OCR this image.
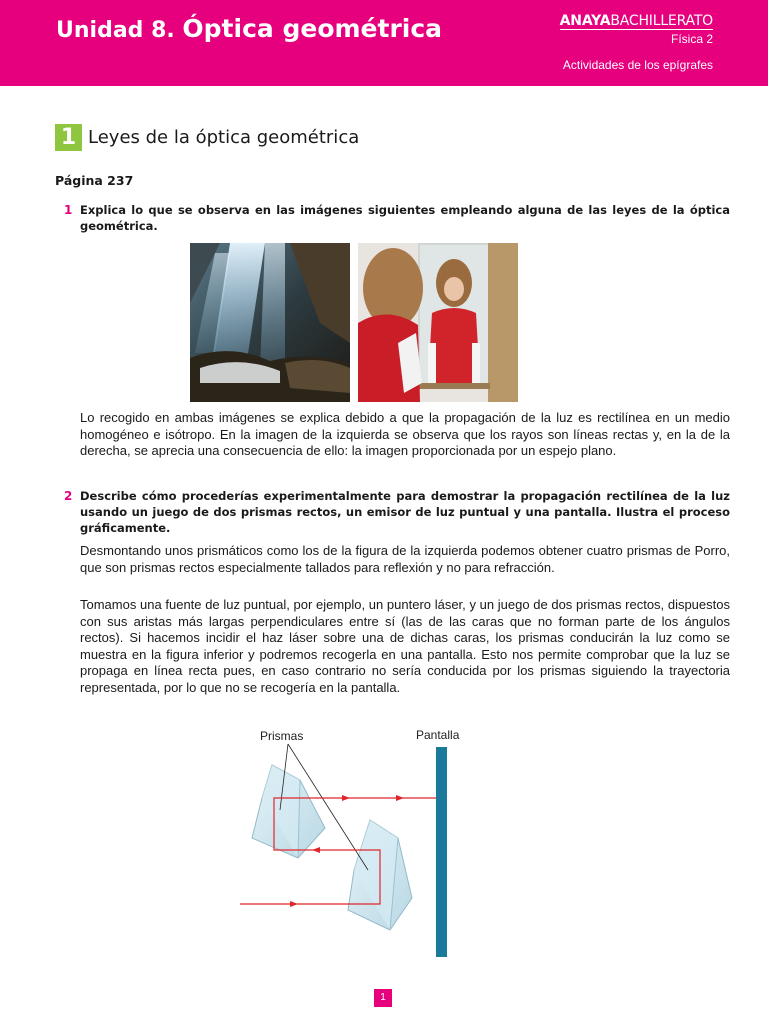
Unidad 8. Óptica geométrica	ANAYABACHILLERATO
Física 2
Actividades de los epígrafes
1 Leyes de la óptica geométrica
Página 237
1 Explica lo que se observa en las imágenes siguientes empleando alguna de las leyes de la óptica geométrica.

Lo recogido en ambas imágenes se explica debido a que la propagación de la luz es rectilínea en un medio homogéneo e isótropo. En la imagen de la izquierda se observa que los rayos son líneas rectas y, en la de la derecha, se aprecia una consecuencia de ello: la imagen proporcionada por un espejo plano.

2 Describe cómo procederías experimentalmente para demostrar la propagación rectilínea de la luz usando un juego de dos prismas rectos, un emisor de luz puntual y una pantalla. Ilustra el proceso gráficamente.

Desmontando unos prismáticos como los de la figura de la izquierda podemos obtener cuatro prismas de Porro, que son prismas rectos especialmente tallados para reflexión y no para refracción.

Tomamos una fuente de luz puntual, por ejemplo, un puntero láser, y un juego de dos prismas rectos, dispuestos con sus aristas más largas perpendiculares entre sí (las de las caras que no forman parte de los ángulos rectos). Si hacemos incidir el haz láser sobre una de dichas caras, los prismas conducirán la luz como se muestra en la figura inferior y podremos recogerla en una pantalla. Esto nos permite comprobar que la luz se propaga en línea recta pues, en caso contrario no sería conducida por los prismas siguiendo la trayectoria representada, por lo que no se recogería en la pantalla.

Prismas	Pantalla
1
